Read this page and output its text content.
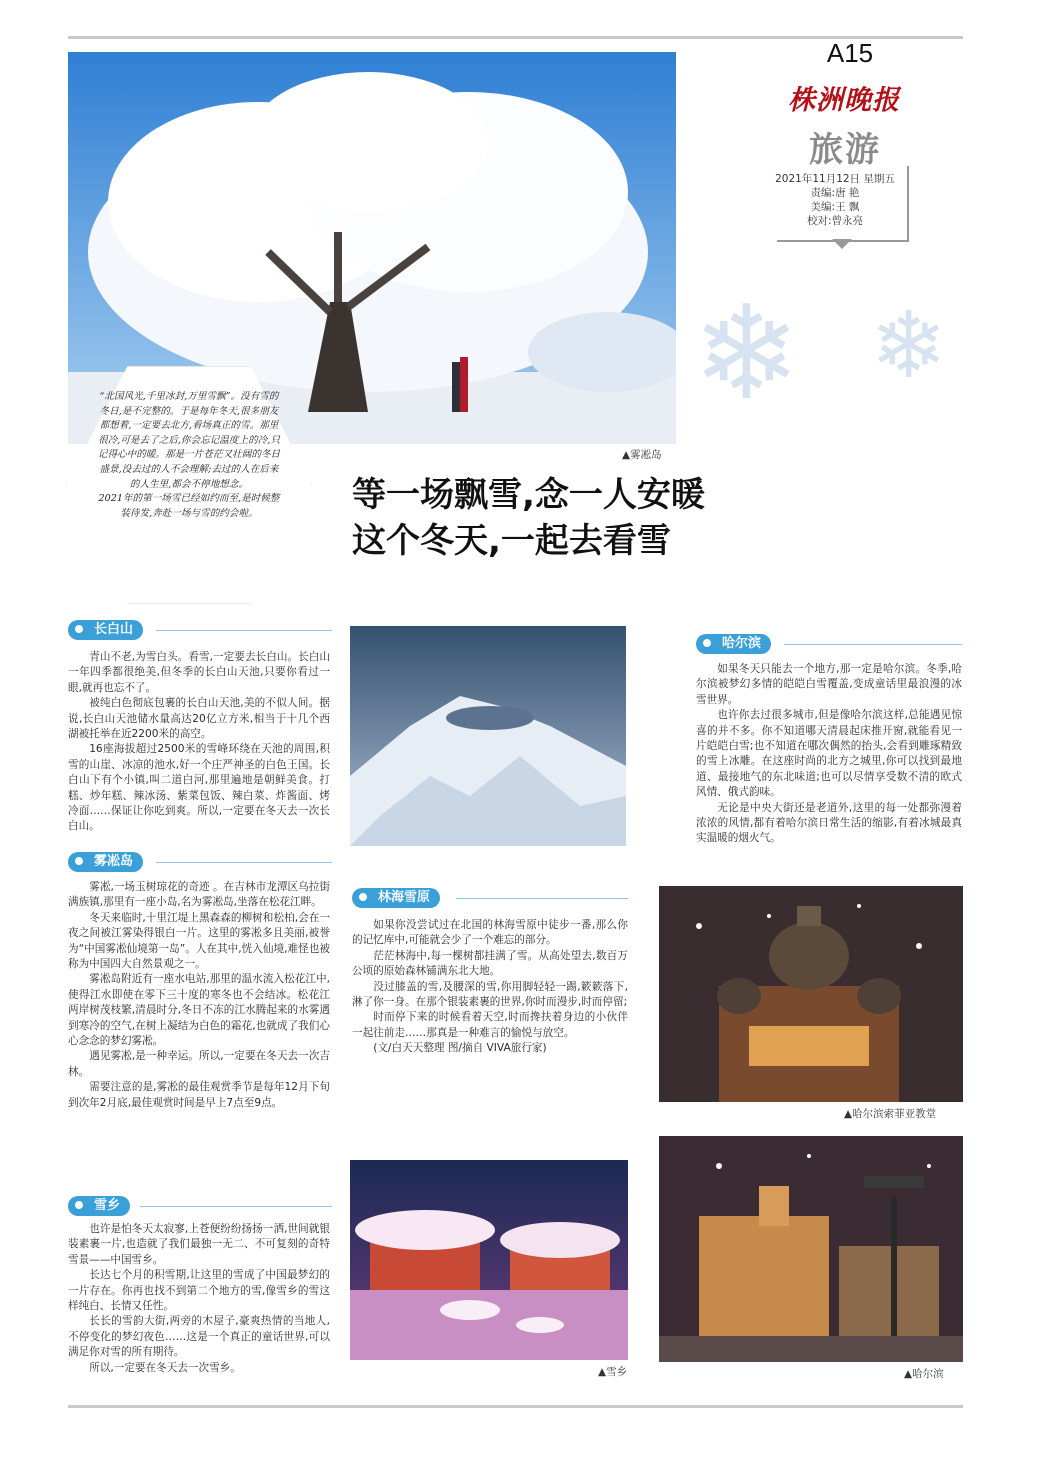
A15
株洲晚报
旅游
2021年11月12日 星期五
责编:唐 艳
美编:王 飘
校对:曾永亮
❄ ❄
▲雾凇岛

“北国风光,千里冰封,万里雪飘”。没有雪的冬日,是不完整的。于是每年冬天,很多朋友都想着,一定要去北方,看场真正的雪。那里很冷,可是去了之后,你会忘记温度上的冷,只记得心中的暖。那是一片苍茫又壮阔的冬日盛景,没去过的人不会理解;去过的人在后来的人生里,都会不停地想念。

2021年的第一场雪已经如约而至,是时候整装待发,奔赴一场与雪的约会啦。	等一场飘雪,念一人安暖
这个冬天,一起去看雪
长白山

青山不老,为雪白头。看雪,一定要去长白山。长白山一年四季都很绝美,但冬季的长白山天池,只要你看过一眼,就再也忘不了。

被纯白色彻底包裹的长白山天池,美的不似人间。据说,长白山天池储水量高达20亿立方米,相当于十几个西湖被托举在近2200米的高空。

16座海拔超过2500米的雪峰环绕在天池的周围,积雪的山崖、冰凉的池水,好一个庄严神圣的白色王国。长白山下有个小镇,叫二道白河,那里遍地是朝鲜美食。打糕、炒年糕、辣冰汤、紫菜包饭、辣白菜、炸酱面、烤冷面……保证让你吃到爽。所以,一定要在冬天去一次长白山。

雾凇岛

雾凇,一场玉树琼花的奇迹 。在吉林市龙潭区乌拉街满族镇,那里有一座小岛,名为雾凇岛,坐落在松花江畔。

冬天来临时,十里江堤上黑森森的柳树和松柏,会在一夜之间被江雾染得银白一片。这里的雾凇多且美丽,被誉为“中国雾凇仙境第一岛”。人在其中,恍入仙境,难怪也被称为中国四大自然景观之一。

雾凇岛附近有一座水电站,那里的温水流入松花江中,使得江水即使在零下三十度的寒冬也不会结冰。松花江两岸树茂枝繁,清晨时分,冬日不冻的江水腾起来的水雾遇到寒冷的空气,在树上凝结为白色的霜花,也就成了我们心心念念的梦幻雾凇。

遇见雾凇,是一种幸运。所以,一定要在冬天去一次吉林。

需要注意的是,雾凇的最佳观赏季节是每年12月下旬到次年2月底,最佳观赏时间是早上7点至9点。

雪乡

也许是怕冬天太寂寥,上苍便纷纷扬扬一洒,世间就银装素裹一片,也造就了我们最独一无二、不可复刻的奇特雪景——中国雪乡。

长达七个月的积雪期,让这里的雪成了中国最梦幻的一片存在。你再也找不到第二个地方的雪,像雪乡的雪这样纯白、长情又任性。

长长的雪韵大街,两旁的木屋子,豪爽热情的当地人,不停变化的梦幻夜色……这是一个真正的童话世界,可以满足你对雪的所有期待。

所以,一定要在冬天去一次雪乡。

林海雪原

如果你没尝试过在北国的林海雪原中徒步一番,那么你的记忆库中,可能就会少了一个难忘的部分。

茫茫林海中,每一棵树都挂满了雪。从高处望去,数百万公顷的原始森林铺满东北大地。

没过膝盖的雪,及腰深的雪,你用脚轻轻一踢,簌簌落下,淋了你一身。在那个银装素裹的世界,你时而漫步,时而停留;

时而停下来的时候看着天空,时而搀扶着身边的小伙伴一起往前走……那真是一种难言的愉悦与放空。

(文/白天天整理 图/摘自 VIVA旅行家)

▲雪乡
哈尔滨

如果冬天只能去一个地方,那一定是哈尔滨。冬季,哈尔滨被梦幻多情的皑皑白雪覆盖,变成童话里最浪漫的冰雪世界。

也许你去过很多城市,但是像哈尔滨这样,总能遇见惊喜的并不多。你不知道哪天清晨起床推开窗,就能看见一片皑皑白雪;也不知道在哪次偶然的抬头,会看到雕琢精致的雪上冰雕。在这座时尚的北方之城里,你可以找到最地道、最接地气的东北味道;也可以尽情享受数不清的欧式风情、俄式韵味。

无论是中央大街还是老道外,这里的每一处都弥漫着浓浓的风情,都有着哈尔滨日常生活的缩影,有着冰城最真实温暖的烟火气。

▲哈尔滨索菲亚教堂
▲哈尔滨
